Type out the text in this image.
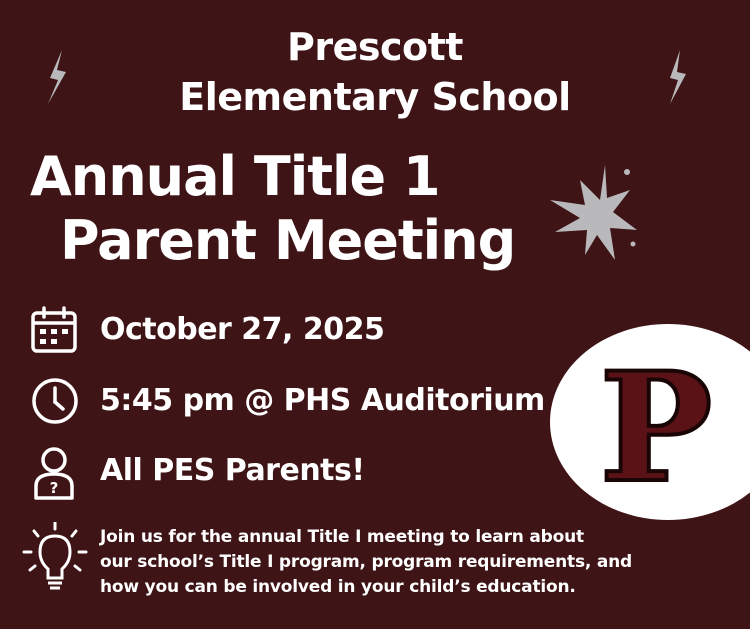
Prescott
Elementary School
Annual Title 1
Parent Meeting
October 27, 2025
5:45 pm @ PHS Auditorium
? All PES Parents!
Join us for the annual Title I meeting to learn about
our school’s Title I program, program requirements, and
how you can be involved in your child’s education.
P
